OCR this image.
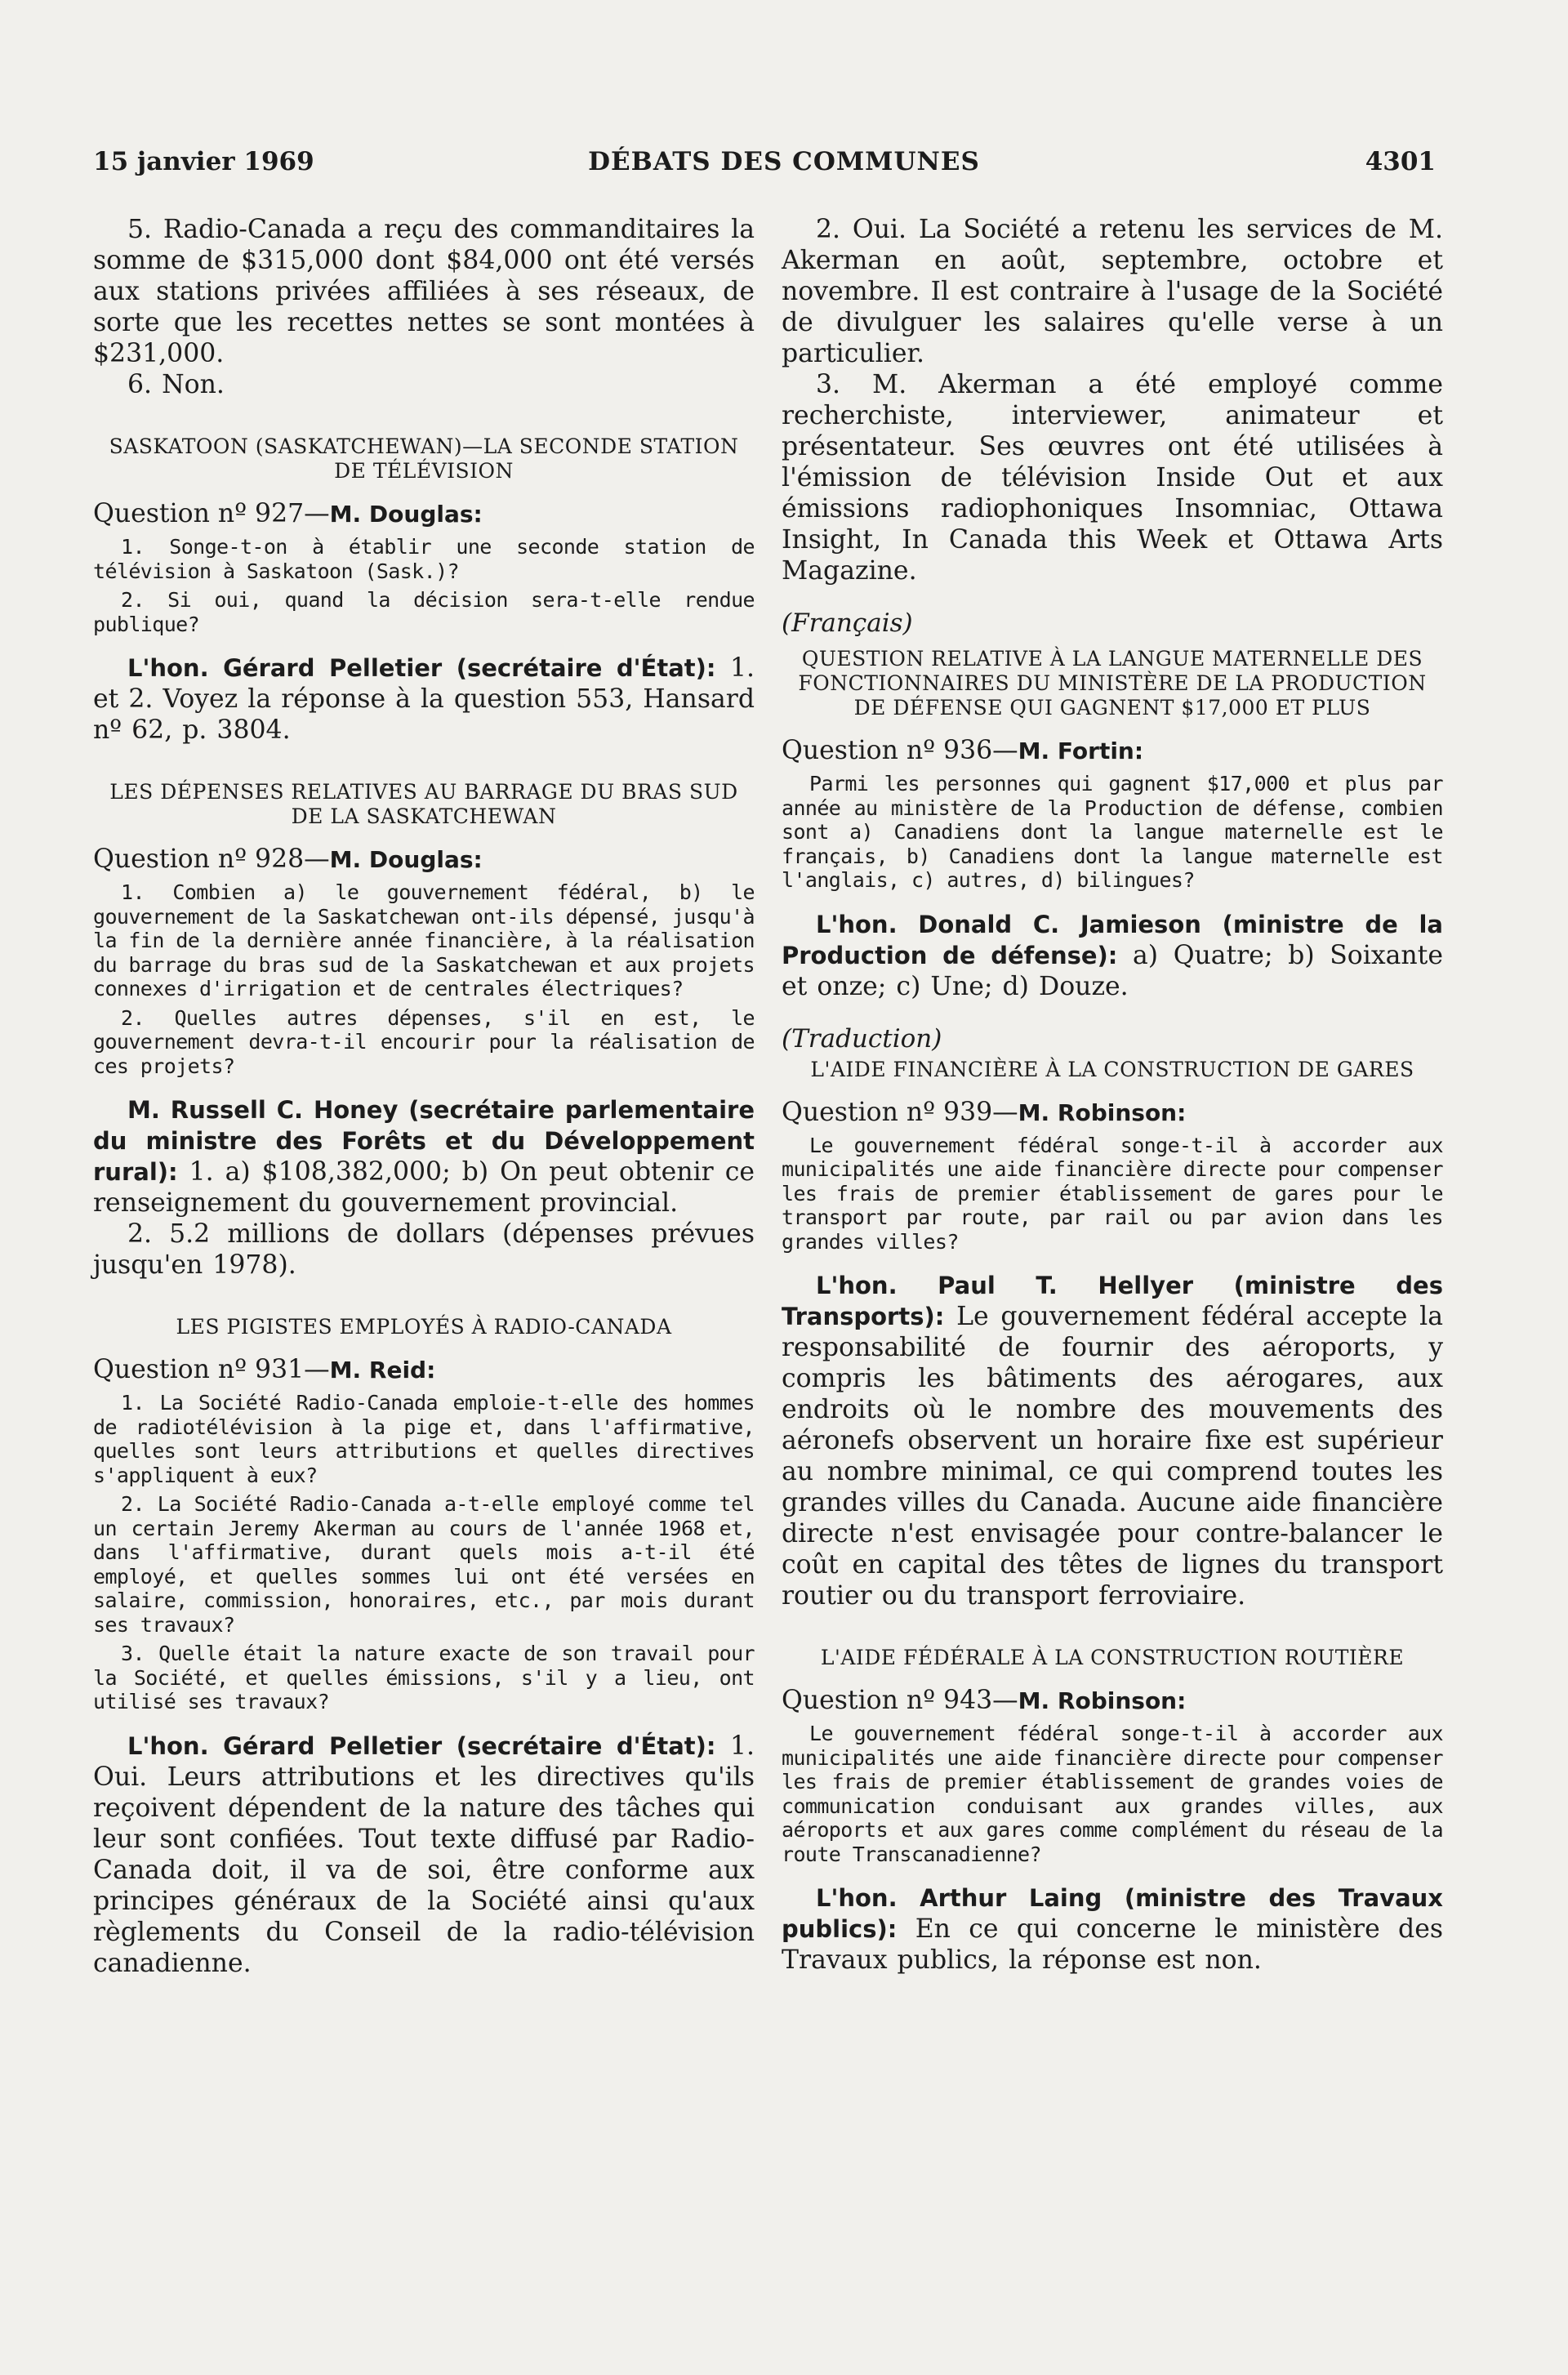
15 janvier 1969	DÉBATS DES COMMUNES	4301

5. Radio-Canada a reçu des commanditaires la somme de $315,000 dont $84,000 ont été versés aux stations privées affiliées à ses réseaux, de sorte que les recettes nettes se sont montées à $231,000.

6. Non.

SASKATOON (SASKATCHEWAN)—LA SECONDE STATION DE TÉLÉVISION

Question nº 927—M. Douglas:

1. Songe-t-on à établir une seconde station de télévision à Saskatoon (Sask.)?

2. Si oui, quand la décision sera-t-elle rendue publique?

L'hon. Gérard Pelletier (secrétaire d'État): 1. et 2. Voyez la réponse à la question 553, Hansard nº 62, p. 3804.

LES DÉPENSES RELATIVES AU BARRAGE DU BRAS SUD DE LA SASKATCHEWAN

Question nº 928—M. Douglas:

1. Combien a) le gouvernement fédéral, b) le gouvernement de la Saskatchewan ont-ils dépensé, jusqu'à la fin de la dernière année financière, à la réalisation du barrage du bras sud de la Saskatchewan et aux projets connexes d'irrigation et de centrales électriques?

2. Quelles autres dépenses, s'il en est, le gouvernement devra-t-il encourir pour la réalisation de ces projets?

M. Russell C. Honey (secrétaire parlementaire du ministre des Forêts et du Développement rural): 1. a) $108,382,000; b) On peut obtenir ce renseignement du gouvernement provincial.

2. 5.2 millions de dollars (dépenses prévues jusqu'en 1978).

LES PIGISTES EMPLOYÉS À RADIO-CANADA

Question nº 931—M. Reid:

1. La Société Radio-Canada emploie-t-elle des hommes de radiotélévision à la pige et, dans l'affirmative, quelles sont leurs attributions et quelles directives s'appliquent à eux?

2. La Société Radio-Canada a-t-elle employé comme tel un certain Jeremy Akerman au cours de l'année 1968 et, dans l'affirmative, durant quels mois a-t-il été employé, et quelles sommes lui ont été versées en salaire, commission, honoraires, etc., par mois durant ses travaux?

3. Quelle était la nature exacte de son travail pour la Société, et quelles émissions, s'il y a lieu, ont utilisé ses travaux?

L'hon. Gérard Pelletier (secrétaire d'État): 1. Oui. Leurs attributions et les directives qu'ils reçoivent dépendent de la nature des tâches qui leur sont confiées. Tout texte diffusé par Radio-Canada doit, il va de soi, être conforme aux principes généraux de la Société ainsi qu'aux règlements du Conseil de la radio-télévision canadienne.

2. Oui. La Société a retenu les services de M. Akerman en août, septembre, octobre et novembre. Il est contraire à l'usage de la Société de divulguer les salaires qu'elle verse à un particulier.

3. M. Akerman a été employé comme recherchiste, interviewer, animateur et présentateur. Ses œuvres ont été utilisées à l'émission de télévision Inside Out et aux émissions radiophoniques Insomniac, Ottawa Insight, In Canada this Week et Ottawa Arts Magazine.

(Français)

QUESTION RELATIVE À LA LANGUE MATERNELLE DES FONCTIONNAIRES DU MINISTÈRE DE LA PRODUCTION DE DÉFENSE QUI GAGNENT $17,000 ET PLUS

Question nº 936—M. Fortin:

Parmi les personnes qui gagnent $17,000 et plus par année au ministère de la Production de défense, combien sont a) Canadiens dont la langue maternelle est le français, b) Canadiens dont la langue maternelle est l'anglais, c) autres, d) bilingues?

L'hon. Donald C. Jamieson (ministre de la Production de défense): a) Quatre; b) Soixante et onze; c) Une; d) Douze.

(Traduction)

L'AIDE FINANCIÈRE À LA CONSTRUCTION DE GARES

Question nº 939—M. Robinson:

Le gouvernement fédéral songe-t-il à accorder aux municipalités une aide financière directe pour compenser les frais de premier établissement de gares pour le transport par route, par rail ou par avion dans les grandes villes?

L'hon. Paul T. Hellyer (ministre des Transports): Le gouvernement fédéral accepte la responsabilité de fournir des aéroports, y compris les bâtiments des aérogares, aux endroits où le nombre des mouvements des aéronefs observent un horaire fixe est supérieur au nombre minimal, ce qui comprend toutes les grandes villes du Canada. Aucune aide financière directe n'est envisagée pour contre-balancer le coût en capital des têtes de lignes du transport routier ou du transport ferroviaire.

L'AIDE FÉDÉRALE À LA CONSTRUCTION ROUTIÈRE

Question nº 943—M. Robinson:

Le gouvernement fédéral songe-t-il à accorder aux municipalités une aide financière directe pour compenser les frais de premier établissement de grandes voies de communication conduisant aux grandes villes, aux aéroports et aux gares comme complément du réseau de la route Transcanadienne?

L'hon. Arthur Laing (ministre des Travaux publics): En ce qui concerne le ministère des Travaux publics, la réponse est non.
